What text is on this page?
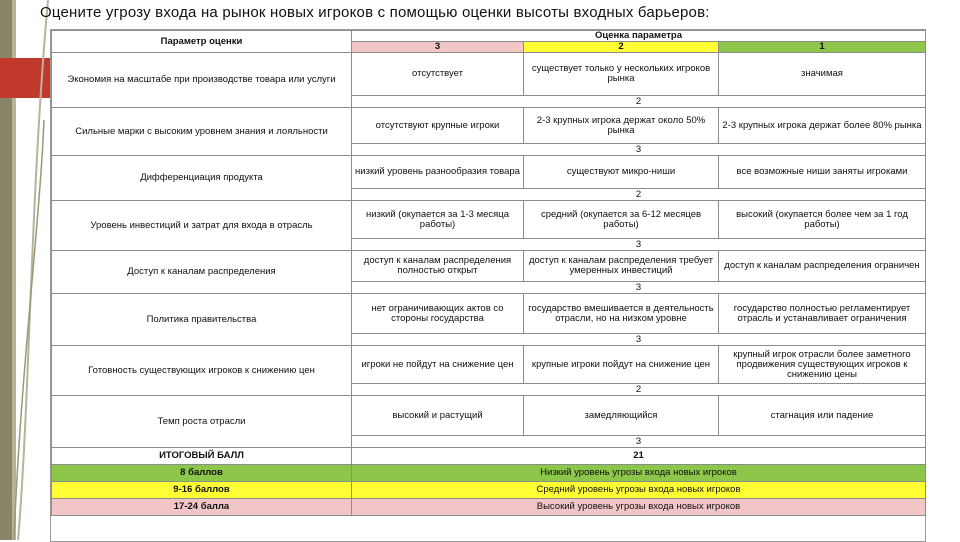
Оцените угрозу входа на рынок новых игроков с помощью оценки высоты входных барьеров:
Параметр оценки	Оценка параметра		
	3	2	1
Экономия на масштабе при производстве товара или услуги	отсутствует	существует только у нескольких игроков рынка	значимая
	2		
Сильные марки с высоким уровнем знания и лояльности	отсутствуют крупные игроки	2-3 крупных игрока держат около 50% рынка	2-3 крупных игрока держат более 80% рынка
	3		
Дифференциация продукта	низкий уровень разнообразия товара	существуют микро-ниши	все возможные ниши заняты игроками
	2		
Уровень инвестиций и затрат для входа в отрасль	низкий (окупается за 1-3 месяца работы)	средний (окупается за 6-12 месяцев работы)	высокий (окупается более чем за 1 год работы)
	3		
Доступ к каналам распределения	доступ к каналам распределения полностью открыт	доступ к каналам распределения требует умеренных инвестиций	доступ к каналам распределения ограничен
	3		
Политика правительства	нет ограничивающих актов со стороны государства	государство вмешивается в деятельность отрасли, но на низком уровне	государство полностью регламентирует отрасль и устанавливает ограничения
	3		
Готовность существующих игроков к снижению цен	игроки не пойдут на снижение цен	крупные игроки пойдут на снижение цен	крупный игрок отрасли более заметного продвижения существующих игроков к снижению цены
	2		
Темп роста отрасли	высокий и растущий	замедляющийся	стагнация или падение
	3		
ИТОГОВЫЙ БАЛЛ	21		
8 баллов	Низкий уровень угрозы входа новых игроков		
9-16 баллов	Средний уровень угрозы входа новых игроков		
17-24 балла	Высокий уровень угрозы входа новых игроков		
